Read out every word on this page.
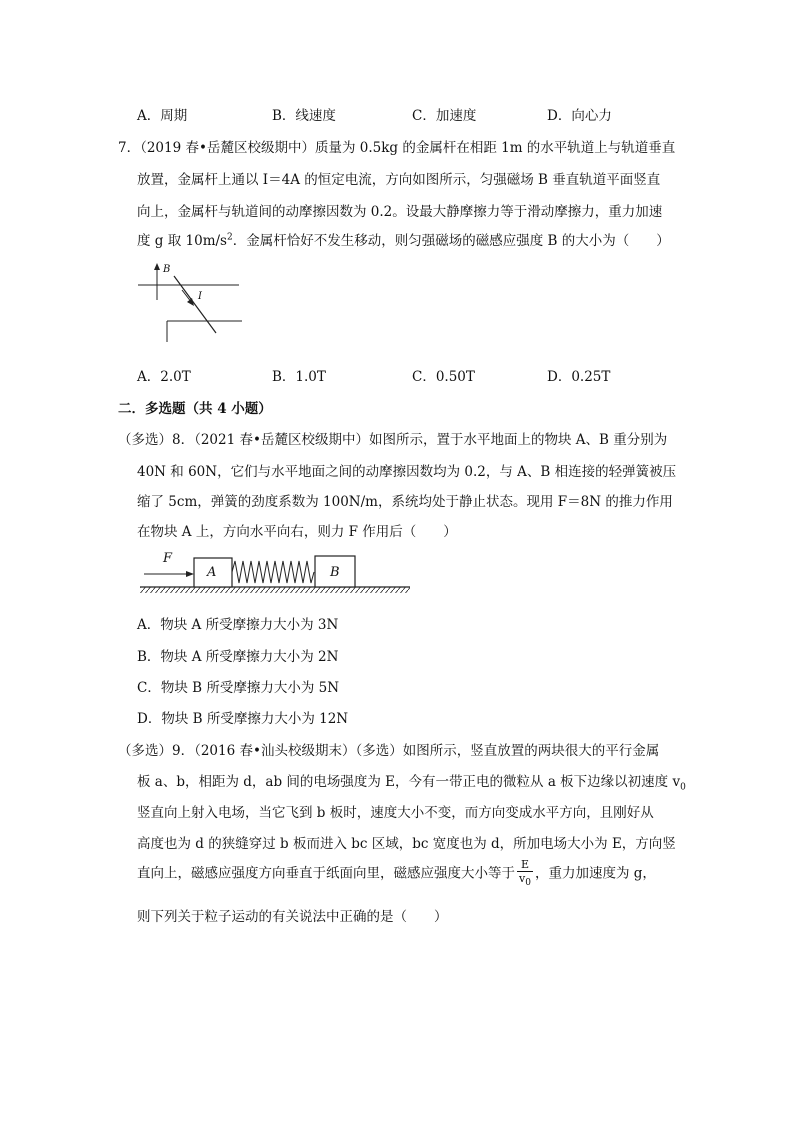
A．周期	B．线速度	C．加速度	D．向心力
7．（2019 春•岳麓区校级期中）质量为 0.5kg 的金属杆在相距 1m 的水平轨道上与轨道垂直
放置，金属杆上通以 I＝4A 的恒定电流，方向如图所示，匀强磁场 B 垂直轨道平面竖直
向上，金属杆与轨道间的动摩擦因数为 0.2。设最大静摩擦力等于滑动摩擦力，重力加速
度 g 取 $10m/s^2$．金属杆恰好不发生移动，则匀强磁场的磁感应强度 B 的大小为（　　）
B
I
A．2.0T	B．1.0T	C．0.50T	D．0.25T
二．多选题（共 4 小题）
（多选）8．（2021 春•岳麓区校级期中）如图所示，置于水平地面上的物块 A、B 重分别为
40N 和 60N，它们与水平地面之间的动摩擦因数均为 0.2，与 A、B 相连接的轻弹簧被压
缩了 5cm，弹簧的劲度系数为 100N/m，系统均处于静止状态。现用 F＝8N 的推力作用
在物块 A 上，方向水平向右，则力 F 作用后（　　）
F
A	B
A．物块 A 所受摩擦力大小为 3N
B．物块 A 所受摩擦力大小为 2N
C．物块 B 所受摩擦力大小为 5N
D．物块 B 所受摩擦力大小为 12N
（多选）9．（2016 春•汕头校级期末）（多选）如图所示，竖直放置的两块很大的平行金属
板 a、b，相距为 d，ab 间的电场强度为 E，今有一带正电的微粒从 a 板下边缘以初速度 $v_0$
竖直向上射入电场，当它飞到 b 板时，速度大小不变，而方向变成水平方向，且刚好从
高度也为 d 的狭缝穿过 b 板而进入 bc 区域，bc 宽度也为 d，所加电场大小为 E，方向竖
直向上，磁感应强度方向垂直于纸面向里，磁感应强度大小等于 $\frac{E}{v_0}$ ，重力加速度为 g，
则下列关于粒子运动的有关说法中正确的是（　　）
